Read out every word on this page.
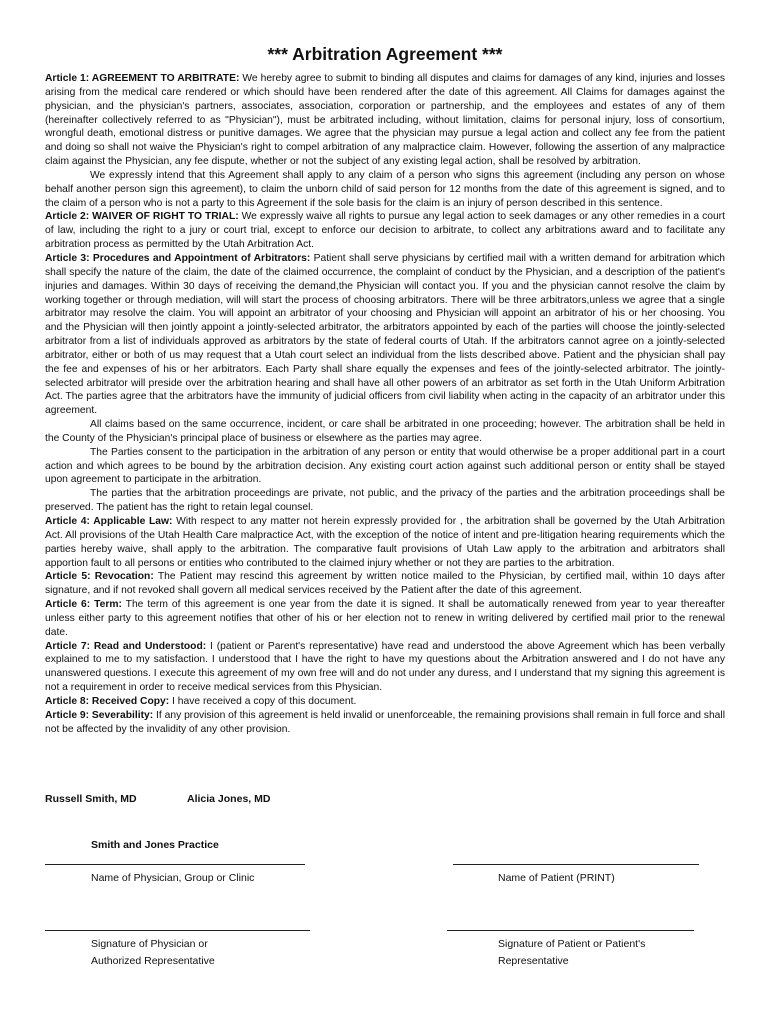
*** Arbitration Agreement ***

Article 1: AGREEMENT TO ARBITRATE: We hereby agree to submit to binding all disputes and claims for damages of any kind, injuries and losses arising from the medical care rendered or which should have been rendered after the date of this agreement. All Claims for damages against the physician, and the physician's partners, associates, association, corporation or partnership, and the employees and estates of any of them (hereinafter collectively referred to as "Physician"), must be arbitrated including, without limitation, claims for personal injury, loss of consortium, wrongful death, emotional distress or punitive damages. We agree that the physician may pursue a legal action and collect any fee from the patient and doing so shall not waive the Physician's right to compel arbitration of any malpractice claim. However, following the assertion of any malpractice claim against the Physician, any fee dispute, whether or not the subject of any existing legal action, shall be resolved by arbitration.

We expressly intend that this Agreement shall apply to any claim of a person who signs this agreement (including any person on whose behalf another person sign this agreement), to claim the unborn child of said person for 12 months from the date of this agreement is signed, and to the claim of a person who is not a party to this Agreement if the sole basis for the claim is an injury of person described in this sentence.

Article 2: WAIVER OF RIGHT TO TRIAL: We expressly waive all rights to pursue any legal action to seek damages or any other remedies in a court of law, including the right to a jury or court trial, except to enforce our decision to arbitrate, to collect any arbitrations award and to facilitate any arbitration process as permitted by the Utah Arbitration Act.

Article 3: Procedures and Appointment of Arbitrators: Patient shall serve physicians by certified mail with a written demand for arbitration which shall specify the nature of the claim, the date of the claimed occurrence, the complaint of conduct by the Physician, and a description of the patient's injuries and damages. Within 30 days of receiving the demand,the Physician will contact you. If you and the physician cannot resolve the claim by working together or through mediation, will will start the process of choosing arbitrators. There will be three arbitrators,unless we agree that a single arbitrator may resolve the claim. You will appoint an arbitrator of your choosing and Physician will appoint an arbitrator of his or her choosing. You and the Physician will then jointly appoint a jointly-selected arbitrator, the arbitrators appointed by each of the parties will choose the jointly-selected arbitrator from a list of individuals approved as arbitrators by the state of federal courts of Utah. If the arbitrators cannot agree on a jointly-selected arbitrator, either or both of us may request that a Utah court select an individual from the lists described above. Patient and the physician shall pay the fee and expenses of his or her arbitrators. Each Party shall share equally the expenses and fees of the jointly-selected arbitrator. The jointly-selected arbitrator will preside over the arbitration hearing and shall have all other powers of an arbitrator as set forth in the Utah Uniform Arbitration Act. The parties agree that the arbitrators have the immunity of judicial officers from civil liability when acting in the capacity of an arbitrator under this agreement.

All claims based on the same occurrence, incident, or care shall be arbitrated in one proceeding; however. The arbitration shall be held in the County of the Physician's principal place of business or elsewhere as the parties may agree.

The Parties consent to the participation in the arbitration of any person or entity that would otherwise be a proper additional part in a court action and which agrees to be bound by the arbitration decision. Any existing court action against such additional person or entity shall be stayed upon agreement to participate in the arbitration.

The parties that the arbitration proceedings are private, not public, and the privacy of the parties and the arbitration proceedings shall be preserved. The patient has the right to retain legal counsel.

Article 4: Applicable Law: With respect to any matter not herein expressly provided for , the arbitration shall be governed by the Utah Arbitration Act. All provisions of the Utah Health Care malpractice Act, with the exception of the notice of intent and pre-litigation hearing requirements which the parties hereby waive, shall apply to the arbitration. The comparative fault provisions of Utah Law apply to the arbitration and arbitrators shall apportion fault to all persons or entities who contributed to the claimed injury whether or not they are parties to the arbitration.

Article 5: Revocation: The Patient may rescind this agreement by written notice mailed to the Physician, by certified mail, within 10 days after signature, and if not revoked shall govern all medical services received by the Patient after the date of this agreement.

Article 6: Term: The term of this agreement is one year from the date it is signed. It shall be automatically renewed from year to year thereafter unless either party to this agreement notifies that other of his or her election not to renew in writing delivered by certified mail prior to the renewal date.

Article 7: Read and Understood: I (patient or Parent's representative) have read and understood the above Agreement which has been verbally explained to me to my satisfaction. I understood that I have the right to have my questions about the Arbitration answered and I do not have any unanswered questions. I execute this agreement of my own free will and do not under any duress, and I understand that my signing this agreement is not a requirement in order to receive medical services from this Physician.

Article 8: Received Copy: I have received a copy of this document.

Article 9: Severability: If any provision of this agreement is held invalid or unenforceable, the remaining provisions shall remain in full force and shall not be affected by the invalidity of any other provision.

Russell Smith, MD	Alicia Jones, MD
Smith and Jones Practice
Name of Physician, Group or Clinic	Name of Patient (PRINT)
Signature of Physician or
Authorized Representative
Signature of Patient or Patient's
Representative
